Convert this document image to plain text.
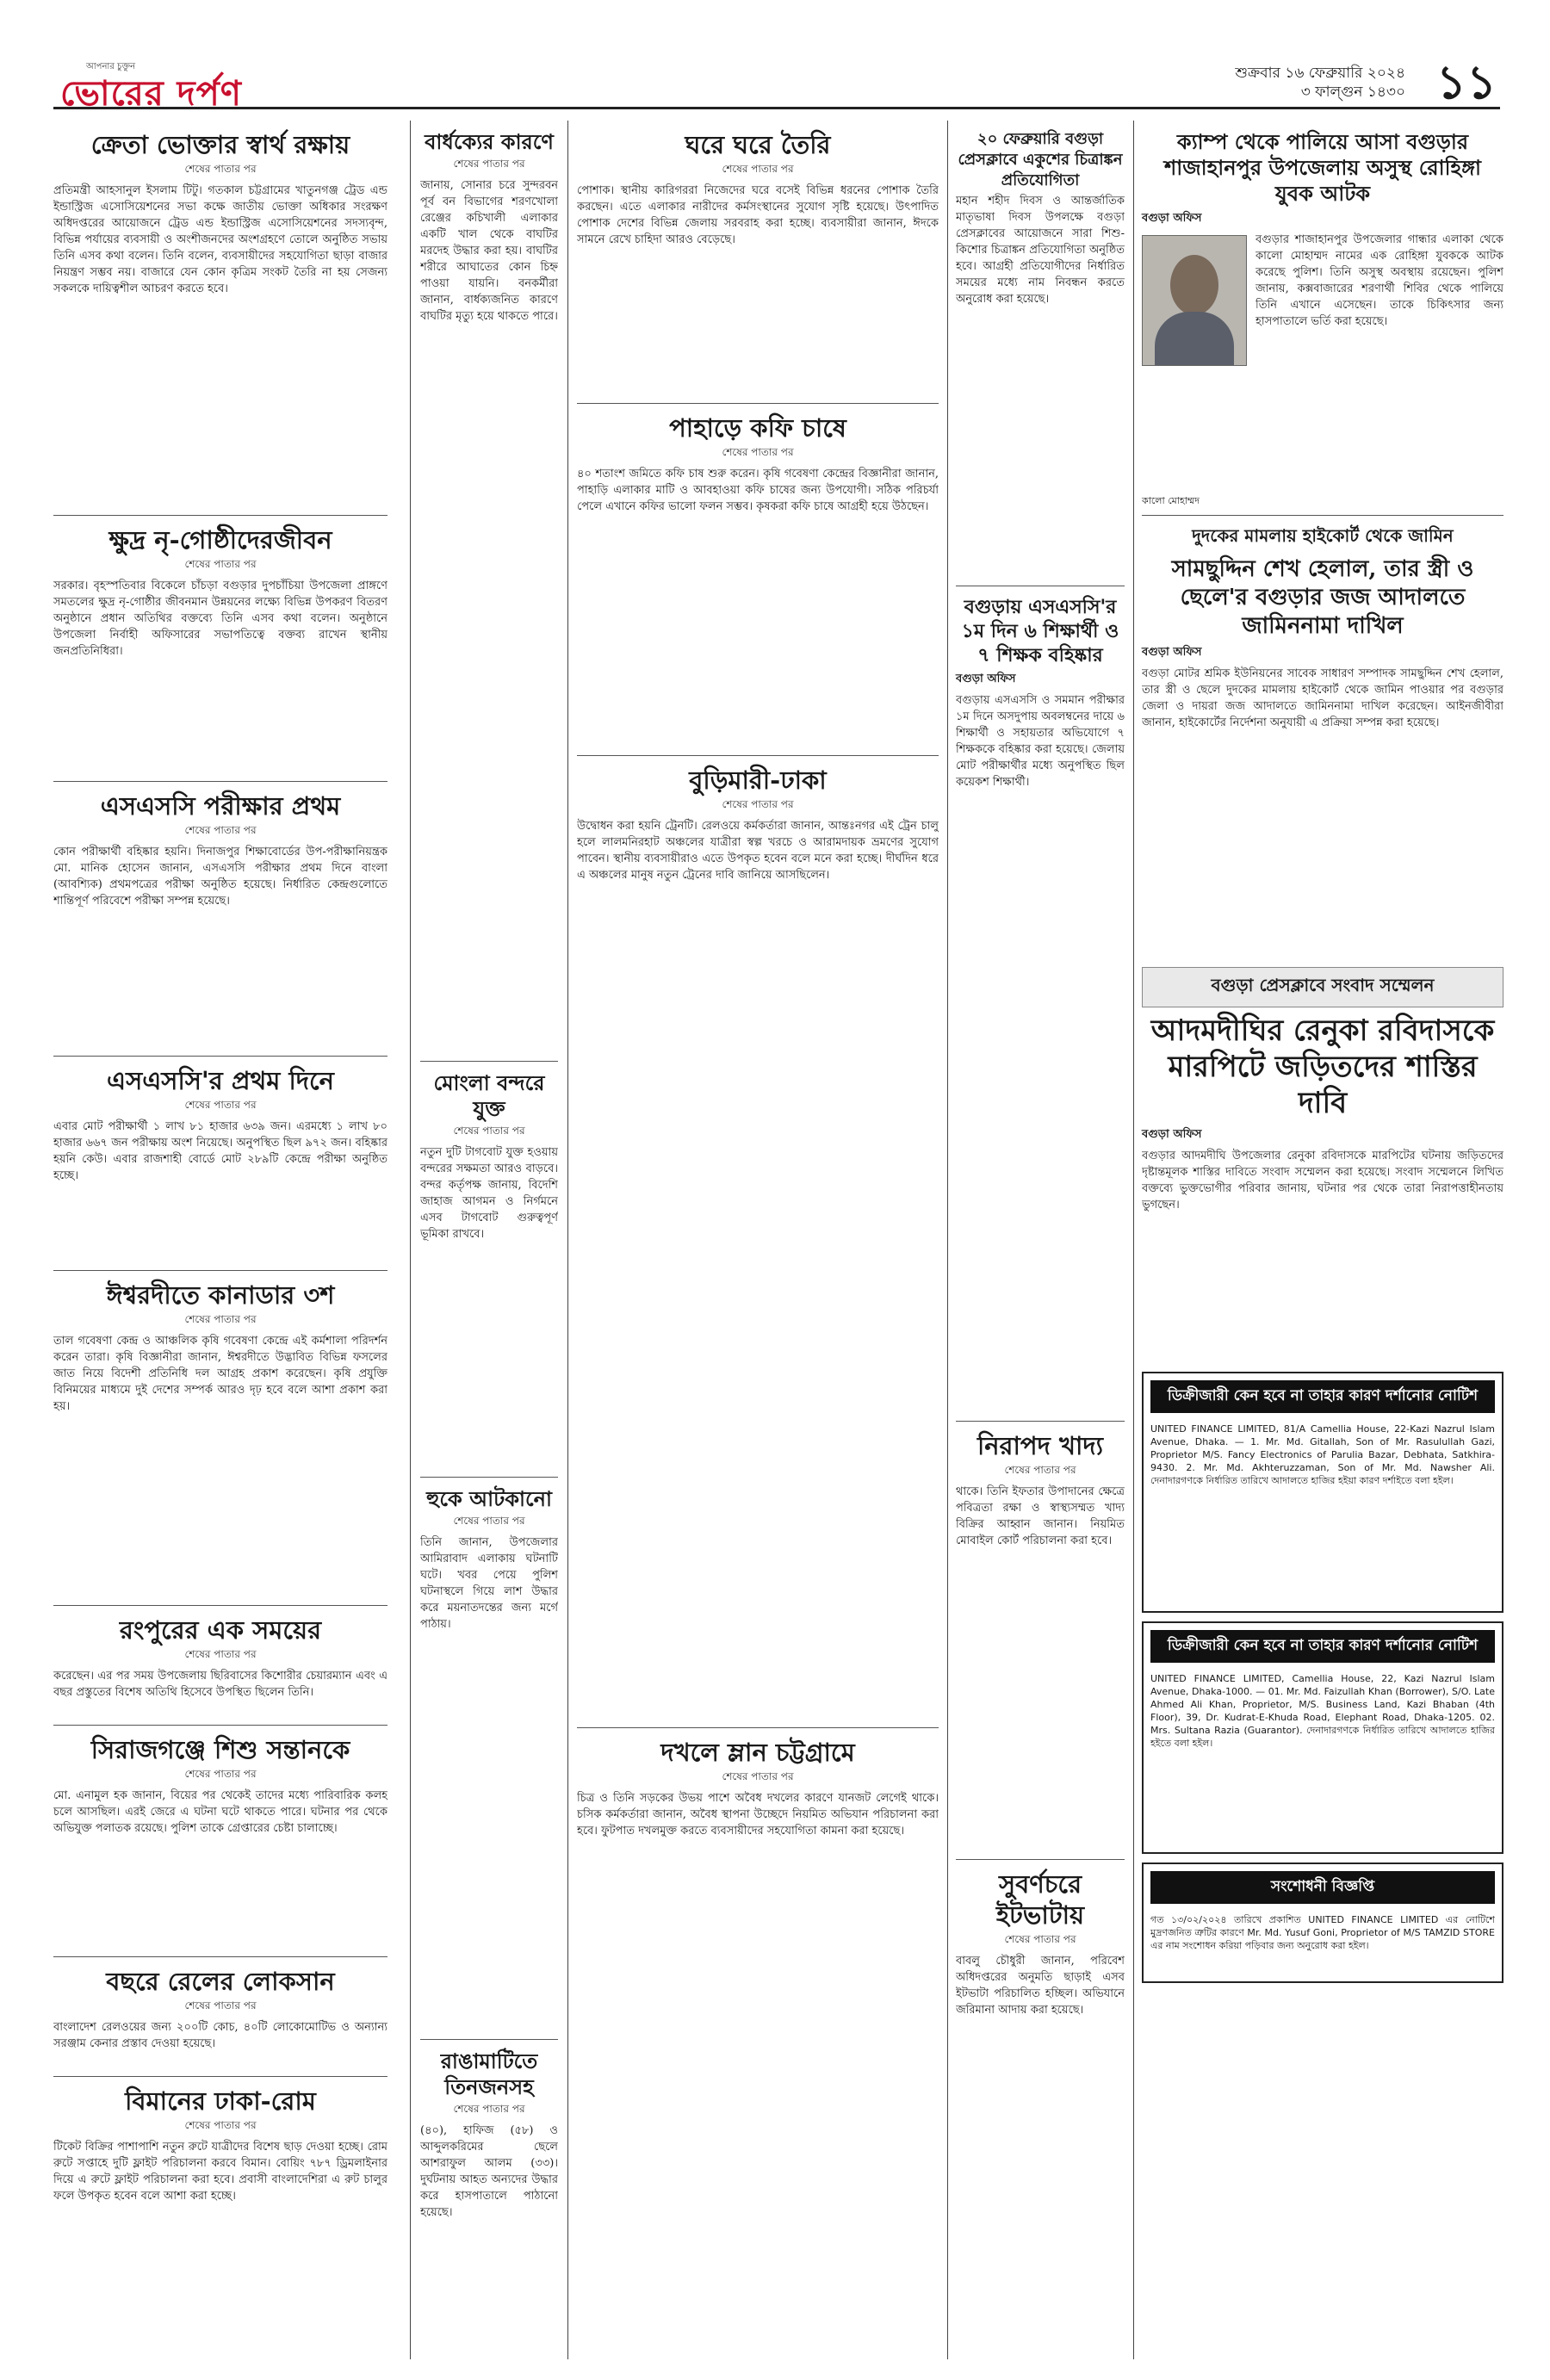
আপনার চুক্তুন
ভোরের দর্পণ
শুক্রবার ১৬ ফেব্রুয়ারি ২০২৪
৩ ফাল্গুন ১৪৩০ ১১
ক্রেতা ভোক্তার স্বার্থ রক্ষায়
শেষের পাতার পর

প্রতিমন্ত্রী আহসানুল ইসলাম টিটু। গতকাল চট্টগ্রামের খাতুনগঞ্জ ট্রেড এন্ড ইন্ডাস্ট্রিজ এসোসিয়েশনের সভা কক্ষে জাতীয় ভোক্তা অধিকার সংরক্ষণ অধিদপ্তরের আয়োজনে ট্রেড এন্ড ইন্ডাস্ট্রিজ এসোসিয়েশনের সদস্যবৃন্দ, বিভিন্ন পর্যায়ের ব্যবসায়ী ও অংশীজনদের অংশগ্রহণে তোলে অনুষ্ঠিত সভায় তিনি এসব কথা বলেন। তিনি বলেন, ব্যবসায়ীদের সহযোগিতা ছাড়া বাজার নিয়ন্ত্রণ সম্ভব নয়। বাজারে যেন কোন কৃত্রিম সংকট তৈরি না হয় সেজন্য সকলকে দায়িত্বশীল আচরণ করতে হবে।

ক্ষুদ্র নৃ-গোষ্ঠীদেরজীবন
শেষের পাতার পর

সরকার। বৃহস্পতিবার বিকেলে চাঁচড়া বগুড়ার দুপচাঁচিয়া উপজেলা প্রাঙ্গণে সমতলের ক্ষুদ্র নৃ-গোষ্ঠীর জীবনমান উন্নয়নের লক্ষ্যে বিভিন্ন উপকরণ বিতরণ অনুষ্ঠানে প্রধান অতিথির বক্তব্যে তিনি এসব কথা বলেন। অনুষ্ঠানে উপজেলা নির্বাহী অফিসারের সভাপতিত্বে বক্তব্য রাখেন স্থানীয় জনপ্রতিনিধিরা।

এসএসসি পরীক্ষার প্রথম
শেষের পাতার পর

কোন পরীক্ষার্থী বহিষ্কার হয়নি। দিনাজপুর শিক্ষাবোর্ডের উপ-পরীক্ষানিয়ন্ত্রক মো. মানিক হোসেন জানান, এসএসসি পরীক্ষার প্রথম দিনে বাংলা (আবশ্যিক) প্রথমপত্রের পরীক্ষা অনুষ্ঠিত হয়েছে। নির্ধারিত কেন্দ্রগুলোতে শান্তিপূর্ণ পরিবেশে পরীক্ষা সম্পন্ন হয়েছে।

এসএসসি'র প্রথম দিনে
শেষের পাতার পর

এবার মোট পরীক্ষার্থী ১ লাখ ৮১ হাজার ৬৩৯ জন। এরমধ্যে ১ লাখ ৮০ হাজার ৬৬৭ জন পরীক্ষায় অংশ নিয়েছে। অনুপস্থিত ছিল ৯৭২ জন। বহিষ্কার হয়নি কেউ। এবার রাজশাহী বোর্ডে মোট ২৮৯টি কেন্দ্রে পরীক্ষা অনুষ্ঠিত হচ্ছে।

ঈশ্বরদীতে কানাডার ৩শ
শেষের পাতার পর

তাল গবেষণা কেন্দ্র ও আঞ্চলিক কৃষি গবেষণা কেন্দ্রে এই কর্মশালা পরিদর্শন করেন তারা। কৃষি বিজ্ঞানীরা জানান, ঈশ্বরদীতে উদ্ভাবিত বিভিন্ন ফসলের জাত নিয়ে বিদেশী প্রতিনিধি দল আগ্রহ প্রকাশ করেছেন। কৃষি প্রযুক্তি বিনিময়ের মাধ্যমে দুই দেশের সম্পর্ক আরও দৃঢ় হবে বলে আশা প্রকাশ করা হয়।

রংপুরের এক সময়ের
শেষের পাতার পর

করেছেন। এর পর সময় উপজেলায় ছিরিবাসের কিশোরীর চেয়ারম্যান এবং এ বছর প্রস্তুতের বিশেষ অতিথি হিসেবে উপস্থিত ছিলেন তিনি।

সিরাজগঞ্জে শিশু সন্তানকে
শেষের পাতার পর

মো. এনামুল হক জানান, বিয়ের পর থেকেই তাদের মধ্যে পারিবারিক কলহ চলে আসছিল। এরই জেরে এ ঘটনা ঘটে থাকতে পারে। ঘটনার পর থেকে অভিযুক্ত পলাতক রয়েছে। পুলিশ তাকে গ্রেপ্তারের চেষ্টা চালাচ্ছে।

বছরে রেলের লোকসান
শেষের পাতার পর

বাংলাদেশ রেলওয়ের জন্য ২০০টি কোচ, ৪০টি লোকোমোটিভ ও অন্যান্য সরঞ্জাম কেনার প্রস্তাব দেওয়া হয়েছে।

বিমানের ঢাকা-রোম
শেষের পাতার পর

টিকেট বিক্রির পাশাপাশি নতুন রুটে যাত্রীদের বিশেষ ছাড় দেওয়া হচ্ছে। রোম রুটে সপ্তাহে দুটি ফ্লাইট পরিচালনা করবে বিমান। বোয়িং ৭৮৭ ড্রিমলাইনার দিয়ে এ রুটে ফ্লাইট পরিচালনা করা হবে। প্রবাসী বাংলাদেশিরা এ রুট চালুর ফলে উপকৃত হবেন বলে আশা করা হচ্ছে।

বার্ধক্যের কারণে
শেষের পাতার পর

জানায়, সোনার চরে সুন্দরবন পূর্ব বন বিভাগের শরণখোলা রেঞ্জের কচিখালী এলাকার একটি খাল থেকে বাঘটির মরদেহ উদ্ধার করা হয়। বাঘটির শরীরে আঘাতের কোন চিহ্ন পাওয়া যায়নি। বনকর্মীরা জানান, বার্ধক্যজনিত কারণে বাঘটির মৃত্যু হয়ে থাকতে পারে।

মোংলা বন্দরে যুক্ত
শেষের পাতার পর

নতুন দুটি টাগবোট যুক্ত হওয়ায় বন্দরের সক্ষমতা আরও বাড়বে। বন্দর কর্তৃপক্ষ জানায়, বিদেশি জাহাজ আগমন ও নির্গমনে এসব টাগবোট গুরুত্বপূর্ণ ভূমিকা রাখবে।

হুকে আটকানো
শেষের পাতার পর

তিনি জানান, উপজেলার আমিরাবাদ এলাকায় ঘটনাটি ঘটে। খবর পেয়ে পুলিশ ঘটনাস্থলে গিয়ে লাশ উদ্ধার করে ময়নাতদন্তের জন্য মর্গে পাঠায়।

রাঙামাটিতে তিনজনসহ
শেষের পাতার পর

(৪০), হাফিজ (৫৮) ও আব্দুলকরিমের ছেলে আশরাফুল আলম (৩৩)। দুর্ঘটনায় আহত অন্যদের উদ্ধার করে হাসপাতালে পাঠানো হয়েছে।

ঘরে ঘরে তৈরি
শেষের পাতার পর

পোশাক। স্থানীয় কারিগররা নিজেদের ঘরে বসেই বিভিন্ন ধরনের পোশাক তৈরি করছেন। এতে এলাকার নারীদের কর্মসংস্থানের সুযোগ সৃষ্টি হয়েছে। উৎপাদিত পোশাক দেশের বিভিন্ন জেলায় সরবরাহ করা হচ্ছে। ব্যবসায়ীরা জানান, ঈদকে সামনে রেখে চাহিদা আরও বেড়েছে।

পাহাড়ে কফি চাষে
শেষের পাতার পর

৪০ শতাংশ জমিতে কফি চাষ শুরু করেন। কৃষি গবেষণা কেন্দ্রের বিজ্ঞানীরা জানান, পাহাড়ি এলাকার মাটি ও আবহাওয়া কফি চাষের জন্য উপযোগী। সঠিক পরিচর্যা পেলে এখানে কফির ভালো ফলন সম্ভব। কৃষকরা কফি চাষে আগ্রহী হয়ে উঠছেন।

বুড়িমারী-ঢাকা
শেষের পাতার পর

উদ্বোধন করা হয়নি ট্রেনটি। রেলওয়ে কর্মকর্তারা জানান, আন্তঃনগর এই ট্রেন চালু হলে লালমনিরহাট অঞ্চলের যাত্রীরা স্বল্প খরচে ও আরামদায়ক ভ্রমণের সুযোগ পাবেন। স্থানীয় ব্যবসায়ীরাও এতে উপকৃত হবেন বলে মনে করা হচ্ছে। দীর্ঘদিন ধরে এ অঞ্চলের মানুষ নতুন ট্রেনের দাবি জানিয়ে আসছিলেন।

দখলে ম্লান চট্টগ্রামে
শেষের পাতার পর

চিত্র ও তিনি সড়কের উভয় পাশে অবৈধ দখলের কারণে যানজট লেগেই থাকে। চসিক কর্মকর্তারা জানান, অবৈধ স্থাপনা উচ্ছেদে নিয়মিত অভিযান পরিচালনা করা হবে। ফুটপাত দখলমুক্ত করতে ব্যবসায়ীদের সহযোগিতা কামনা করা হয়েছে।

২০ ফেব্রুয়ারি বগুড়া প্রেসক্লাবে একুশের চিত্রাঙ্কন প্রতিযোগিতা

মহান শহীদ দিবস ও আন্তর্জাতিক মাতৃভাষা দিবস উপলক্ষে বগুড়া প্রেসক্লাবের আয়োজনে সারা শিশু-কিশোর চিত্রাঙ্কন প্রতিযোগিতা অনুষ্ঠিত হবে। আগ্রহী প্রতিযোগীদের নির্ধারিত সময়ের মধ্যে নাম নিবন্ধন করতে অনুরোধ করা হয়েছে।

বগুড়ায় এসএসসি'র ১ম দিন ৬ শিক্ষার্থী ও ৭ শিক্ষক বহিষ্কার
বগুড়া অফিস

বগুড়ায় এসএসসি ও সমমান পরীক্ষার ১ম দিনে অসদুপায় অবলম্বনের দায়ে ৬ শিক্ষার্থী ও সহায়তার অভিযোগে ৭ শিক্ষককে বহিষ্কার করা হয়েছে। জেলায় মোট পরীক্ষার্থীর মধ্যে অনুপস্থিত ছিল কয়েকশ শিক্ষার্থী।

নিরাপদ খাদ্য
শেষের পাতার পর

থাকে। তিনি ইফতার উপাদানের ক্ষেত্রে পবিত্রতা রক্ষা ও স্বাস্থ্যসম্মত খাদ্য বিক্রির আহ্বান জানান। নিয়মিত মোবাইল কোর্ট পরিচালনা করা হবে।

সুবর্ণচরে ইটভাটায়
শেষের পাতার পর

বাবলু চৌধুরী জানান, পরিবেশ অধিদপ্তরের অনুমতি ছাড়াই এসব ইটভাটা পরিচালিত হচ্ছিল। অভিযানে জরিমানা আদায় করা হয়েছে।

ক্যাম্প থেকে পালিয়ে আসা বগুড়ার শাজাহানপুর উপজেলায় অসুস্থ রোহিঙ্গা যুবক আটক
বগুড়া অফিস

বগুড়ার শাজাহানপুর উপজেলার গান্ধার এলাকা থেকে কালো মোহাম্মদ নামের এক রোহিঙ্গা যুবককে আটক করেছে পুলিশ। তিনি অসুস্থ অবস্থায় রয়েছেন। পুলিশ জানায়, কক্সবাজারের শরণার্থী শিবির থেকে পালিয়ে তিনি এখানে এসেছেন। তাকে চিকিৎসার জন্য হাসপাতালে ভর্তি করা হয়েছে।

কালো মোহাম্মদ
দুদকের মামলায় হাইকোর্ট থেকে জামিন
সামছুদ্দিন শেখ হেলাল, তার স্ত্রী ও ছেলে'র বগুড়ার জজ আদালতে জামিননামা দাখিল
বগুড়া অফিস

বগুড়া মোটর শ্রমিক ইউনিয়নের সাবেক সাধারণ সম্পাদক সামছুদ্দিন শেখ হেলাল, তার স্ত্রী ও ছেলে দুদকের মামলায় হাইকোর্ট থেকে জামিন পাওয়ার পর বগুড়ার জেলা ও দায়রা জজ আদালতে জামিননামা দাখিল করেছেন। আইনজীবীরা জানান, হাইকোর্টের নির্দেশনা অনুযায়ী এ প্রক্রিয়া সম্পন্ন করা হয়েছে।

বগুড়া প্রেসক্লাবে সংবাদ সম্মেলন
আদমদীঘির রেনুকা রবিদাসকে মারপিটে জড়িতদের শাস্তির দাবি
বগুড়া অফিস

বগুড়ার আদমদীঘি উপজেলার রেনুকা রবিদাসকে মারপিটের ঘটনায় জড়িতদের দৃষ্টান্তমূলক শাস্তির দাবিতে সংবাদ সম্মেলন করা হয়েছে। সংবাদ সম্মেলনে লিখিত বক্তব্যে ভুক্তভোগীর পরিবার জানায়, ঘটনার পর থেকে তারা নিরাপত্তাহীনতায় ভুগছেন।

ডিক্রীজারী কেন হবে না তাহার কারণ দর্শানোর নোটিশ

UNITED FINANCE LIMITED, 81/A Camellia House, 22-Kazi Nazrul Islam Avenue, Dhaka. — 1. Mr. Md. Gitallah, Son of Mr. Rasulullah Gazi, Proprietor M/S. Fancy Electronics of Paruliа Bazar, Debhata, Satkhira-9430. 2. Mr. Md. Akhteruzzaman, Son of Mr. Md. Nawsher Ali. দেনাদারগণকে নির্ধারিত তারিখে আদালতে হাজির হইয়া কারণ দর্শাইতে বলা হইল।

ডিক্রীজারী কেন হবে না তাহার কারণ দর্শানোর নোটিশ

UNITED FINANCE LIMITED, Camellia House, 22, Kazi Nazrul Islam Avenue, Dhaka-1000. — 01. Mr. Md. Faizullah Khan (Borrower), S/O. Late Ahmed Ali Khan, Proprietor, M/S. Business Land, Kazi Bhaban (4th Floor), 39, Dr. Kudrat-E-Khuda Road, Elephant Road, Dhaka-1205. 02. Mrs. Sultana Razia (Guarantor). দেনাদারগণকে নির্ধারিত তারিখে আদালতে হাজির হইতে বলা হইল।

সংশোধনী বিজ্ঞপ্তি

গত ১৩/০২/২০২৪ তারিখে প্রকাশিত UNITED FINANCE LIMITED এর নোটিশে মুদ্রণজনিত ত্রুটির কারণে Mr. Md. Yusuf Goni, Proprietor of M/S TAMZID STORE এর নাম সংশোধন করিয়া পড়িবার জন্য অনুরোধ করা হইল।
